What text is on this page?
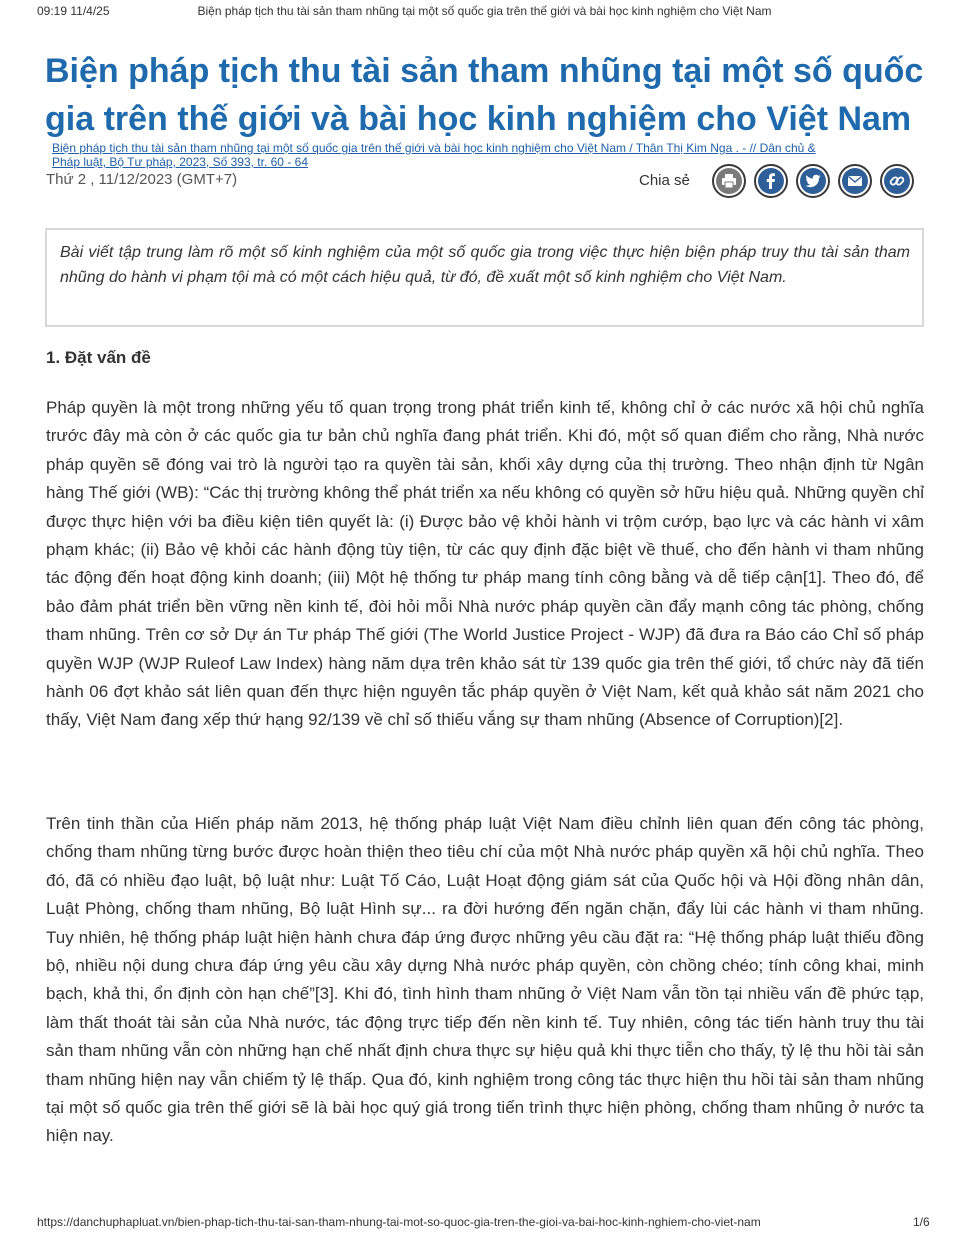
09:19 11/4/25	Biện pháp tịch thu tài sản tham nhũng tại một số quốc gia trên thế giới và bài học kinh nghiệm cho Việt Nam
Biện pháp tịch thu tài sản tham nhũng tại một số quốc gia trên thế giới và bài học kinh nghiệm cho Việt Nam
Biện pháp tịch thu tài sản tham nhũng tại một số quốc gia trên thế giới và bài học kinh nghiệm cho Việt Nam / Thân Thị Kim Nga . - // Dân chủ &
Pháp luật, Bộ Tư pháp, 2023, Số 393, tr. 60 - 64
Thứ 2 , 11/12/2023 (GMT+7)	Chia sẻ
Bài viết tập trung làm rõ một số kinh nghiệm của một số quốc gia trong việc thực hiện biện pháp truy thu tài sản tham nhũng do hành vi phạm tội mà có một cách hiệu quả, từ đó, đề xuất một số kinh nghiệm cho Việt Nam.
1. Đặt vấn đề

Pháp quyền là một trong những yếu tố quan trọng trong phát triển kinh tế, không chỉ ở các nước xã hội chủ nghĩa trước đây mà còn ở các quốc gia tư bản chủ nghĩa đang phát triển. Khi đó, một số quan điểm cho rằng, Nhà nước pháp quyền sẽ đóng vai trò là người tạo ra quyền tài sản, khối xây dựng của thị trường. Theo nhận định từ Ngân hàng Thế giới (WB): “Các thị trường không thể phát triển xa nếu không có quyền sở hữu hiệu quả. Những quyền chỉ được thực hiện với ba điều kiện tiên quyết là: (i) Được bảo vệ khỏi hành vi trộm cướp, bạo lực và các hành vi xâm phạm khác; (ii) Bảo vệ khỏi các hành động tùy tiện, từ các quy định đặc biệt về thuế, cho đến hành vi tham nhũng tác động đến hoạt động kinh doanh; (iii) Một hệ thống tư pháp mang tính công bằng và dễ tiếp cận[1]. Theo đó, để bảo đảm phát triển bền vững nền kinh tế, đòi hỏi mỗi Nhà nước pháp quyền cần đẩy mạnh công tác phòng, chống tham nhũng. Trên cơ sở Dự án Tư pháp Thế giới (The World Justice Project - WJP) đã đưa ra Báo cáo Chỉ số pháp quyền WJP (WJP Ruleof Law Index) hàng năm dựa trên khảo sát từ 139 quốc gia trên thế giới, tổ chức này đã tiến hành 06 đợt khảo sát liên quan đến thực hiện nguyên tắc pháp quyền ở Việt Nam, kết quả khảo sát năm 2021 cho thấy, Việt Nam đang xếp thứ hạng 92/139 về chỉ số thiếu vắng sự tham nhũng (Absence of Corruption)[2].

Trên tinh thần của Hiến pháp năm 2013, hệ thống pháp luật Việt Nam điều chỉnh liên quan đến công tác phòng, chống tham nhũng từng bước được hoàn thiện theo tiêu chí của một Nhà nước pháp quyền xã hội chủ nghĩa. Theo đó, đã có nhiều đạo luật, bộ luật như: Luật Tố Cáo, Luật Hoạt động giám sát của Quốc hội và Hội đồng nhân dân, Luật Phòng, chống tham nhũng, Bộ luật Hình sự... ra đời hướng đến ngăn chặn, đẩy lùi các hành vi tham nhũng. Tuy nhiên, hệ thống pháp luật hiện hành chưa đáp ứng được những yêu cầu đặt ra: “Hệ thống pháp luật thiếu đồng bộ, nhiều nội dung chưa đáp ứng yêu cầu xây dựng Nhà nước pháp quyền, còn chồng chéo; tính công khai, minh bạch, khả thi, ổn định còn hạn chế”[3]. Khi đó, tình hình tham nhũng ở Việt Nam vẫn tồn tại nhiều vấn đề phức tạp, làm thất thoát tài sản của Nhà nước, tác động trực tiếp đến nền kinh tế. Tuy nhiên, công tác tiến hành truy thu tài sản tham nhũng vẫn còn những hạn chế nhất định chưa thực sự hiệu quả khi thực tiễn cho thấy, tỷ lệ thu hồi tài sản tham nhũng hiện nay vẫn chiếm tỷ lệ thấp. Qua đó, kinh nghiệm trong công tác thực hiện thu hồi tài sản tham nhũng tại một số quốc gia trên thế giới sẽ là bài học quý giá trong tiến trình thực hiện phòng, chống tham nhũng ở nước ta hiện nay.

https://danchuphapluat.vn/bien-phap-tich-thu-tai-san-tham-nhung-tai-mot-so-quoc-gia-tren-the-gioi-va-bai-hoc-kinh-nghiem-cho-viet-nam	1/6
